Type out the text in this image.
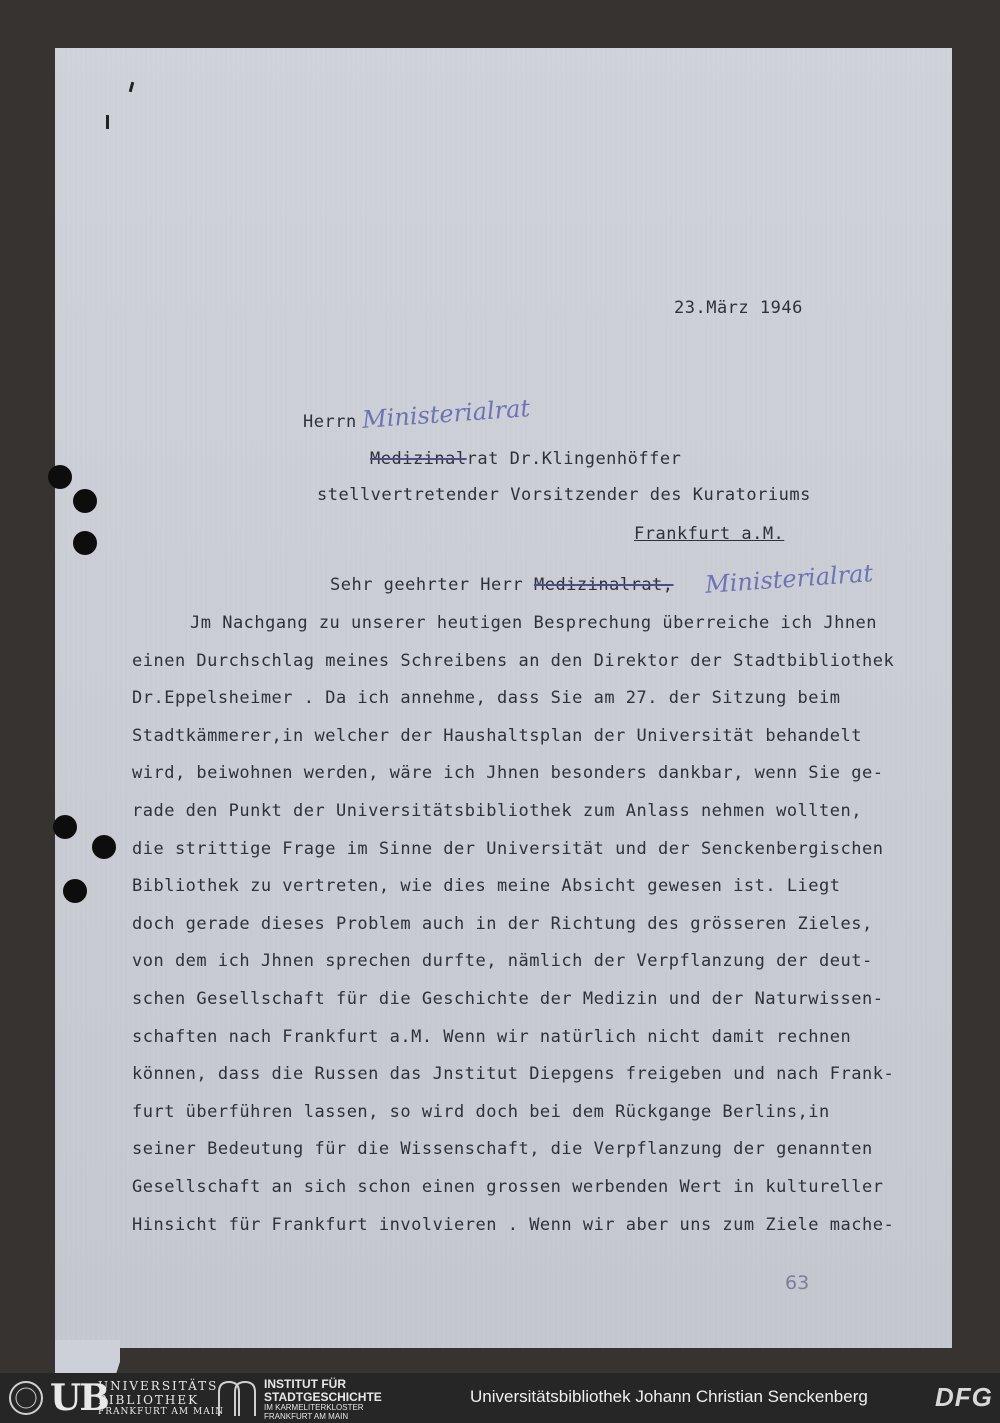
23.März 1946
Herrn Ministerialrat
Medizinalrat Dr.Klingenhöffer
stellvertretender Vorsitzender des Kuratoriums
Frankfurt a.M.
Sehr geehrter Herr Medizinalrat, Ministerialrat
Jm Nachgang zu unserer heutigen Besprechung überreiche ich Jhnen
einen Durchschlag meines Schreibens an den Direktor der Stadtbibliothek
Dr.Eppelsheimer . Da ich annehme, dass Sie am 27. der Sitzung beim
Stadtkämmerer,in welcher der Haushaltsplan der Universität behandelt
wird, beiwohnen werden, wäre ich Jhnen besonders dankbar, wenn Sie ge-
rade den Punkt der Universitätsbibliothek zum Anlass nehmen wollten,
die strittige Frage im Sinne der Universität und der Senckenbergischen
Bibliothek zu vertreten, wie dies meine Absicht gewesen ist. Liegt
doch gerade dieses Problem auch in der Richtung des grösseren Zieles,
von dem ich Jhnen sprechen durfte, nämlich der Verpflanzung der deut-
schen Gesellschaft für die Geschichte der Medizin und der Naturwissen-
schaften nach Frankfurt a.M. Wenn wir natürlich nicht damit rechnen
können, dass die Russen das Jnstitut Diepgens freigeben und nach Frank-
furt überführen lassen, so wird doch bei dem Rückgange Berlins,in
seiner Bedeutung für die Wissenschaft, die Verpflanzung der genannten
Gesellschaft an sich schon einen grossen werbenden Wert in kultureller
Hinsicht für Frankfurt involvieren . Wenn wir aber uns zum Ziele mache-
63
UB
UNIVERSITÄTS
BIBLIOTHEK
FRANKFURT AM MAIN
INSTITUT FÜR
STADTGESCHICHTE
IM KARMELITERKLOSTER
FRANKFURT AM MAIN
Universitätsbibliothek Johann Christian Senckenberg	DFG
